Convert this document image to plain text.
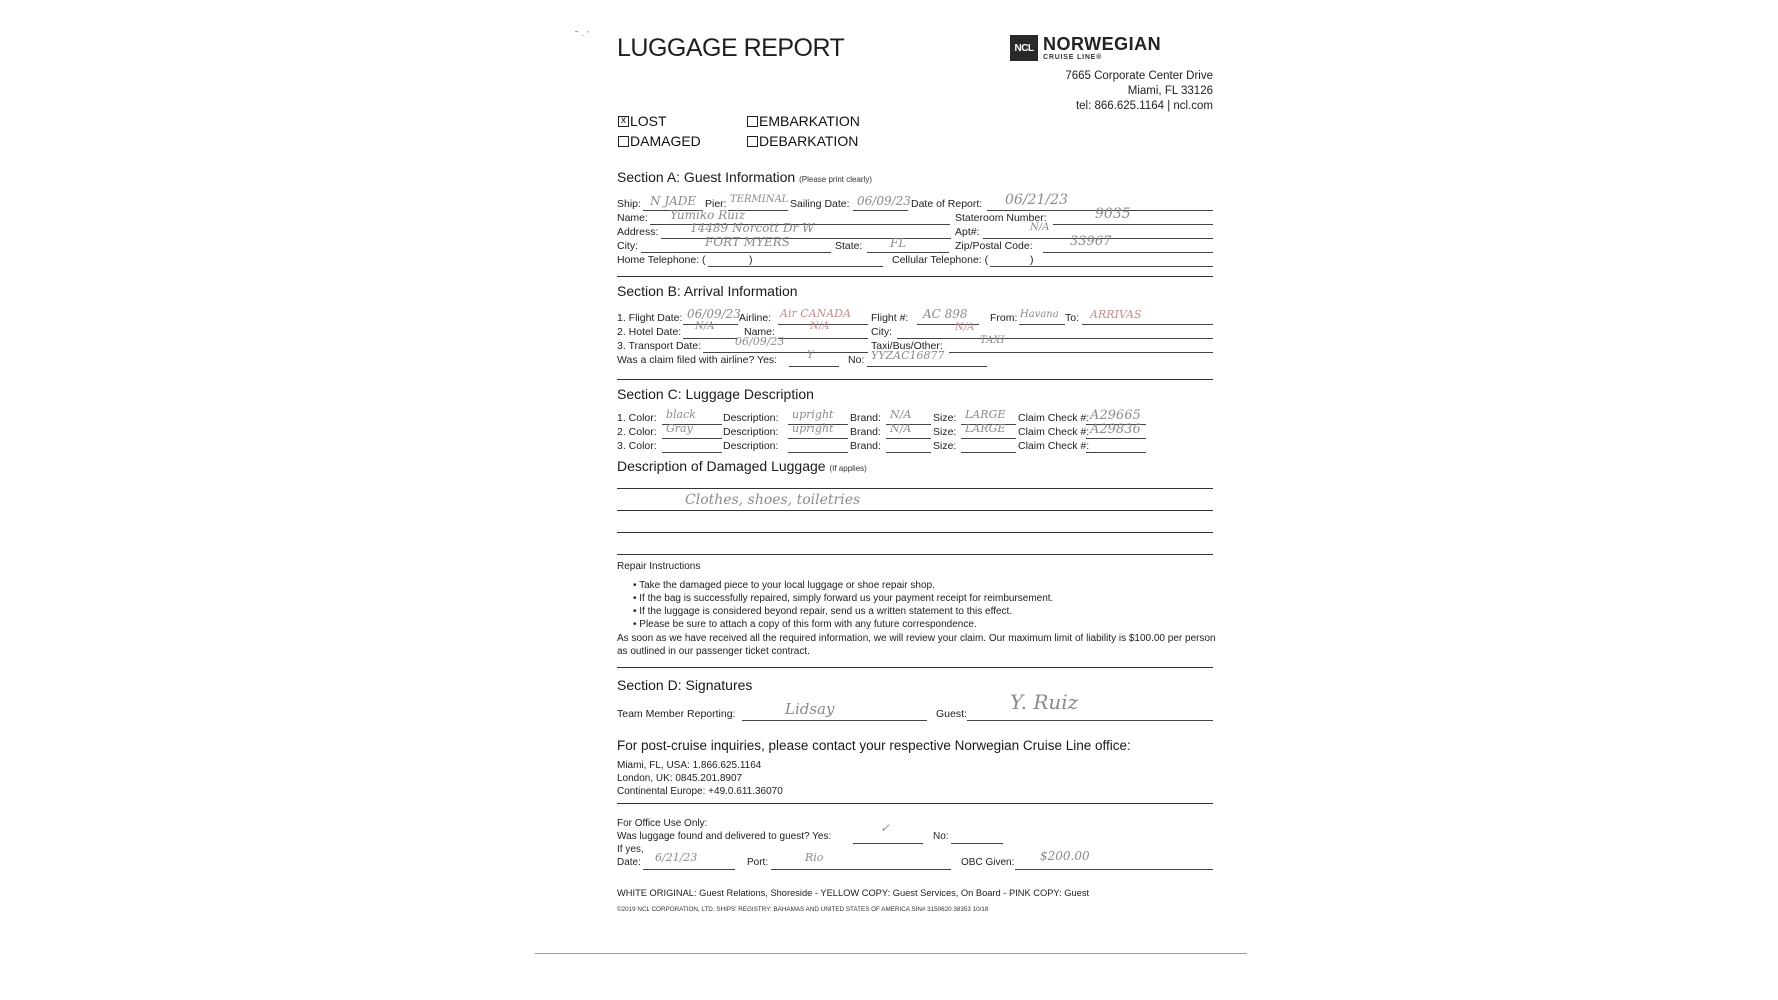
˜ · ‛ LUGGAGE REPORT	NCL NORWEGIAN
CRUISE LINE®
7665 Corporate Center Drive
Miami, FL 33126
tel: 866.625.1164 | ncl.com
x LOST
DAMAGED
EMBARKATION
DEBARKATION
Section A: Guest Information (Please print clearly)
Ship: N JADE Pier: TERMINAL Sailing Date: 06/09/23 Date of Report: 06/21/23
Name: Yumiko Ruiz	Stateroom Number:	9035
Address:	14489 Norcott Dr W	Apt#:	N/A
City:	FORT MYERS	State: FL	Zip/Postal Code:	33967
Home Telephone: (	)	Cellular Telephone: (	)
Section B: Arrival Information
1. Flight Date: 06/09/23
Airline: Air CANADA Flight #: AC 898 From: Havana To: ARRIVAS
2. Hotel Date: N/A	Name:	N/A	City:	N/A
3. Transport Date:	06/09/23	Taxi/Bus/Other:	TAXI
Was a claim filed with airline? Yes:	Y	No: YYZAC16877
Section C: Luggage Description
1. Color: black	Description: upright Brand: N/A Size: LARGE Claim Check #: A29665
2. Color: Gray	Description: upright Brand: N/A Size: LARGE Claim Check #: A29836
3. Color:	Description:	Brand:	Size:	Claim Check #:
Description of Damaged Luggage (If applies)
Clothes, shoes, toiletries
Repair Instructions
• Take the damaged piece to your local luggage or shoe repair shop.
• If the bag is successfully repaired, simply forward us your payment receipt for reimbursement.
• If the luggage is considered beyond repair, send us a written statement to this effect.
• Please be sure to attach a copy of this form with any future correspondence.
As soon as we have received all the required information, we will review your claim. Our maximum limit of liability is $100.00 per person as outlined in our passenger ticket contract.
Section D: Signatures
Team Member Reporting:	Lidsay	Guest: Y. Ruiz
For post-cruise inquiries, please contact your respective Norwegian Cruise Line office:
Miami, FL, USA: 1.866.625.1164
London, UK: 0845.201.8907
Continental Europe: +49.0.611.36070
For Office Use Only:
Was luggage found and delivered to guest? Yes:
✓
No:
If yes,
Date: 6/21/23	Port:	Rio	OBC Given: $200.00
WHITE ORIGINAL: Guest Relations, Shoreside - YELLOW COPY: Guest Services, On Board - PINK COPY: Guest
©2019 NCL CORPORATION, LTD. SHIPS' REGISTRY: BAHAMAS AND UNITED STATES OF AMERICA SIN# 3150620 38353 10/18
